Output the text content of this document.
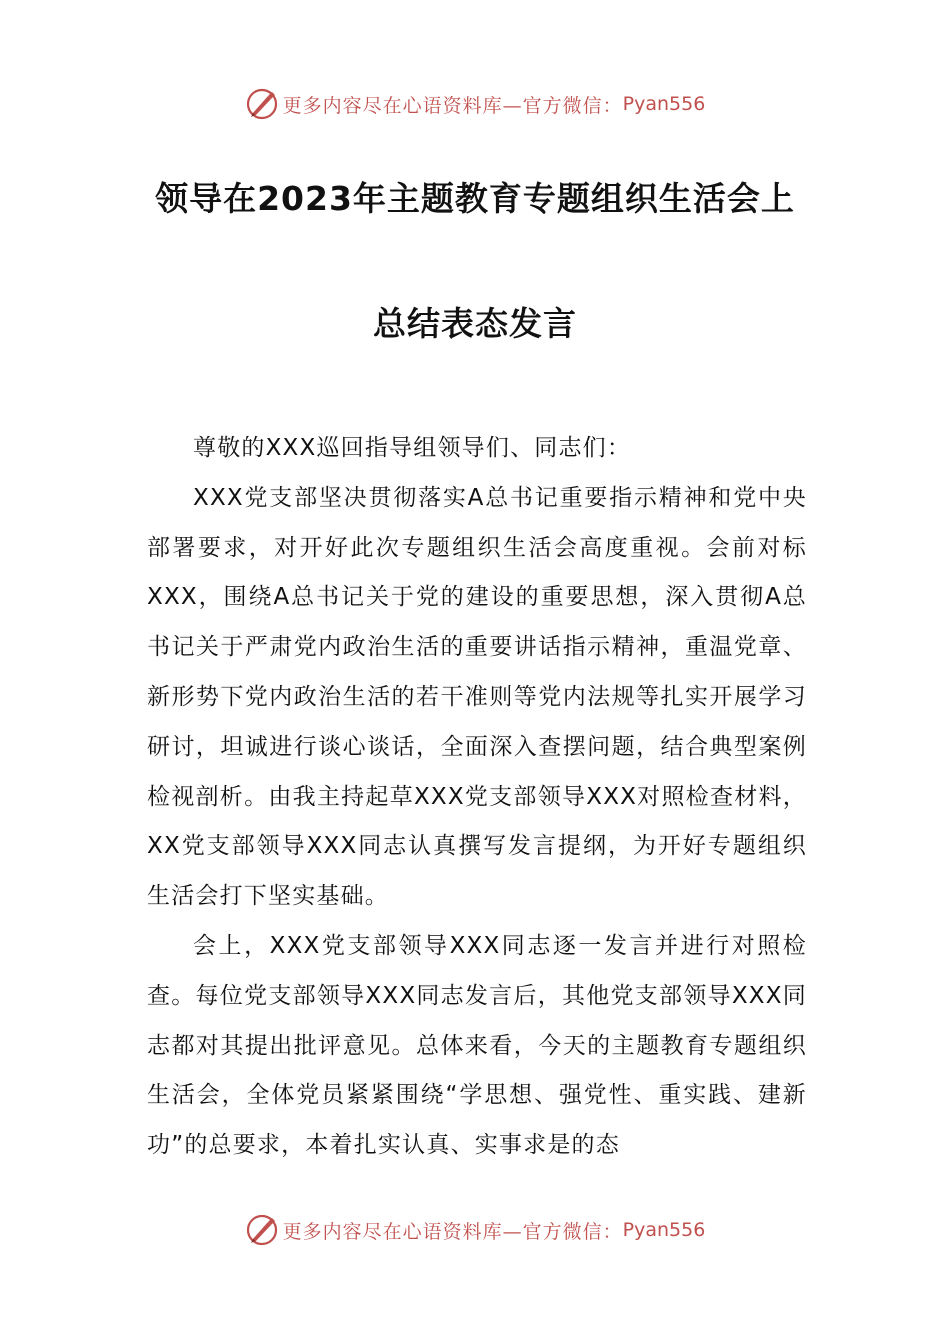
更多内容尽在心语资料库—官方微信： Pyan556
领导在2023年主题教育专题组织生活会上
总结表态发言

尊敬的XXX巡回指导组领导们、同志们：

XXX党支部坚决贯彻落实A总书记重要指示精神和党中央部署要求，对开好此次专题组织生活会高度重视。会前对标XXX，围绕A总书记关于党的建设的重要思想，深入贯彻A总书记关于严肃党内政治生活的重要讲话指示精神，重温党章、新形势下党内政治生活的若干准则等党内法规等扎实开展学习研讨，坦诚进行谈心谈话，全面深入查摆问题，结合典型案例检视剖析。由我主持起草XXX党支部领导XXX对照检查材料，XX党支部领导XXX同志认真撰写发言提纲，为开好专题组织生活会打下坚实基础。

会上，XXX党支部领导XXX同志逐一发言并进行对照检查。每位党支部领导XXX同志发言后，其他党支部领导XXX同志都对其提出批评意见。总体来看，今天的主题教育专题组织生活会，全体党员紧紧围绕“学思想、强党性、重实践、建新功”的总要求，本着扎实认真、实事求是的态

更多内容尽在心语资料库—官方微信： Pyan556
